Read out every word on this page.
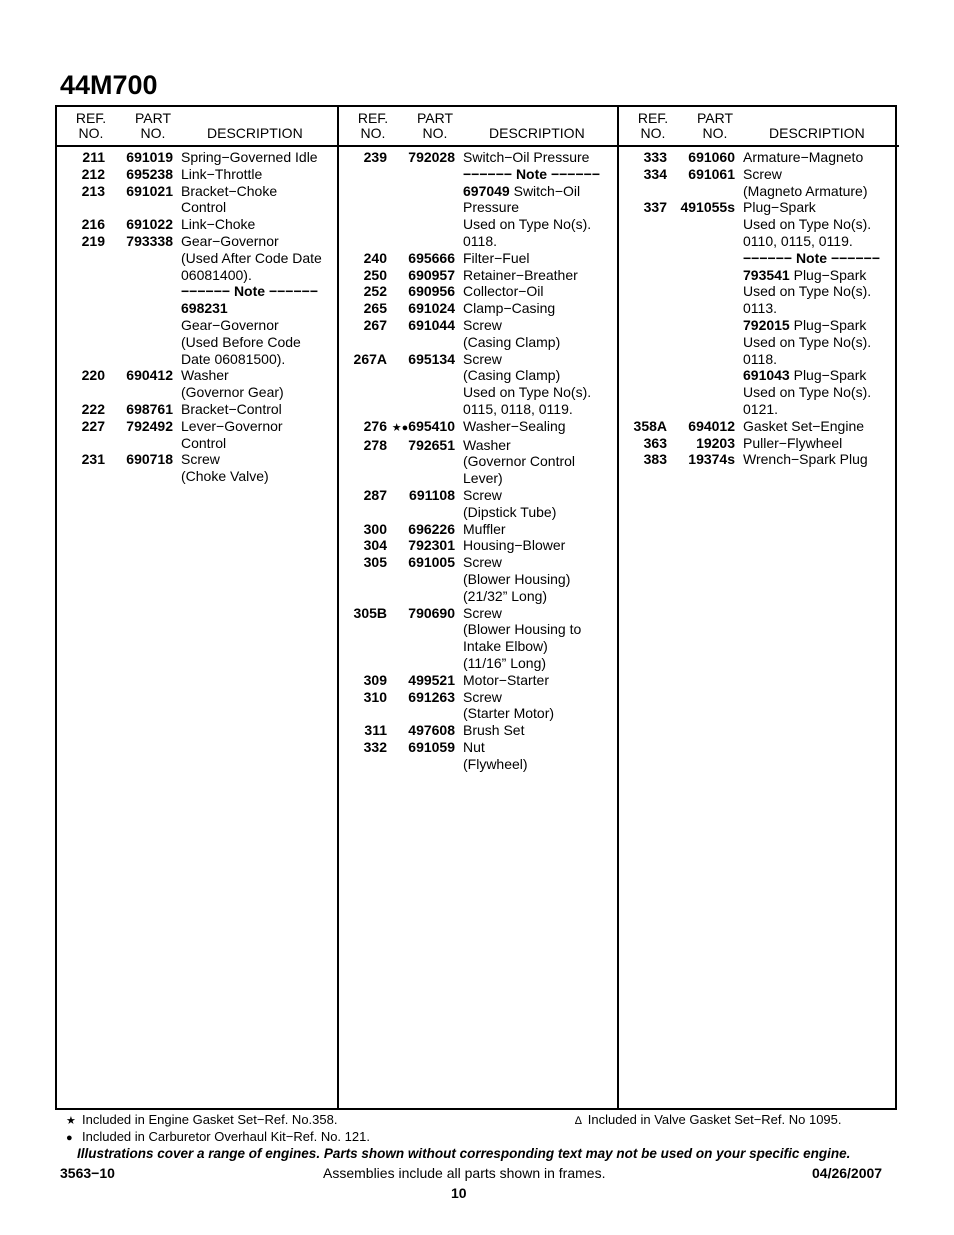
44M700
REF.
NO.
PART
NO.	DESCRIPTION
211	691019 Spring−Governed Idle
212	695238 Link−Throttle
213	691021 Bracket−Choke
Control
216	691022 Link−Choke
219	793338 Gear−Governor
(Used After Code Date
06081400).
−−−−−− Note −−−−−−
698231
Gear−Governor
(Used Before Code
Date 06081500).
220	690412 Washer
(Governor Gear)
222	698761 Bracket−Control
227	792492 Lever−Governor
Control
231	690718 Screw
(Choke Valve)
REF.
NO.
PART
NO.	DESCRIPTION
239	792028 Switch−Oil Pressure
−−−−−− Note −−−−−−
697049 Switch−Oil
Pressure
Used on Type No(s).
0118.
240	695666 Filter−Fuel
250	690957 Retainer−Breather
252	690956 Collector−Oil
265	691024 Clamp−Casing
267	691044 Screw
(Casing Clamp)
267A	695134 Screw
(Casing Clamp)
Used on Type No(s).
0115, 0118, 0119.
276 ★●695410 Washer−Sealing
278	792651 Washer
(Governor Control
Lever)
287	691108 Screw
(Dipstick Tube)
300	696226 Muffler
304	792301 Housing−Blower
305	691005 Screw
(Blower Housing)
(21/32” Long)
305B	790690 Screw
(Blower Housing to
Intake Elbow)
(11/16” Long)
309	499521 Motor−Starter
310	691263 Screw
(Starter Motor)
311	497608 Brush Set
332	691059 Nut
(Flywheel)
REF.
NO.
PART
NO.	DESCRIPTION
333	691060 Armature−Magneto
334	691061 Screw
(Magneto Armature)
337 491055s Plug−Spark
Used on Type No(s).
0110, 0115, 0119.
−−−−−− Note −−−−−−
793541 Plug−Spark
Used on Type No(s).
0113.
792015 Plug−Spark
Used on Type No(s).
0118.
691043 Plug−Spark
Used on Type No(s).
0121.
358A	694012 Gasket Set−Engine
363	19203 Puller−Flywheel
383	19374s Wrench−Spark Plug
★ Included in Engine Gasket Set−Ref. No.358.
● Included in Carburetor Overhaul Kit−Ref. No. 121.
∆ Included in Valve Gasket Set−Ref. No 1095.
Illustrations cover a range of engines. Parts shown without corresponding text may not be used on your specific engine.
3563−10	Assemblies include all parts shown in frames.	04/26/2007
10
